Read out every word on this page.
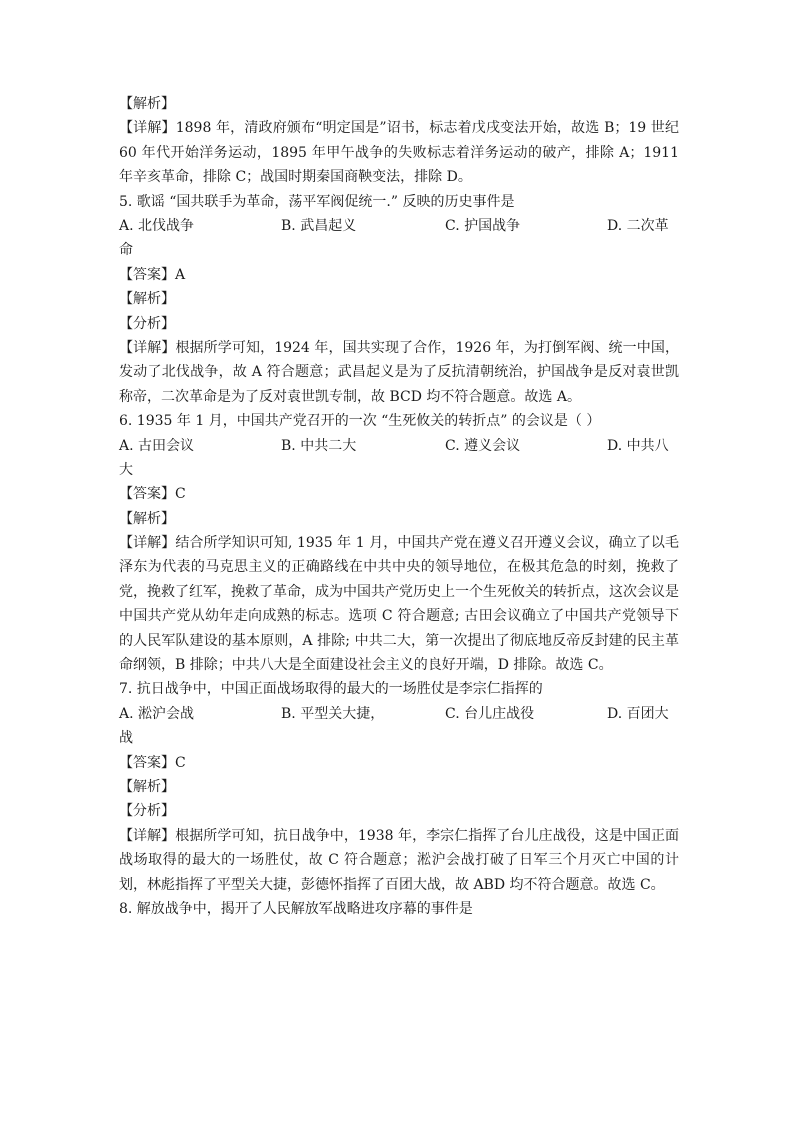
【解析】
【详解】1898 年，清政府颁布“明定国是”诏书，标志着戊戌变法开始，故选 B；19 世纪 60 年代开始洋务运动，1895 年甲午战争的失败标志着洋务运动的破产，排除 A；1911 年辛亥革命，排除 C；战国时期秦国商鞅变法，排除 D。
5. 歌谣 “国共联手为革命，荡平军阀促统一.” 反映的历史事件是
A. 北伐战争	B. 武昌起义	C. 护国战争	D. 二次革
命
【答案】A
【解析】
【分析】
【详解】根据所学可知，1924 年，国共实现了合作，1926 年，为打倒军阀、统一中国，发动了北伐战争，故 A 符合题意；武昌起义是为了反抗清朝统治，护国战争是反对袁世凯称帝，二次革命是为了反对袁世凯专制，故 BCD 均不符合题意。故选 A。
6. 1935 年 1 月，中国共产党召开的一次 “生死攸关的转折点” 的会议是（ ）
A. 古田会议	B. 中共二大	C. 遵义会议	D. 中共八
大
【答案】C
【解析】
【详解】结合所学知识可知, 1935 年 1 月，中国共产党在遵义召开遵义会议，确立了以毛泽东为代表的马克思主义的正确路线在中共中央的领导地位，在极其危急的时刻，挽救了党，挽救了红军，挽救了革命，成为中国共产党历史上一个生死攸关的转折点，这次会议是中国共产党从幼年走向成熟的标志。选项 C 符合题意; 古田会议确立了中国共产党领导下的人民军队建设的基本原则，A 排除; 中共二大，第一次提出了彻底地反帝反封建的民主革命纲领，B 排除；中共八大是全面建设社会主义的良好开端，D 排除。故选 C。
7. 抗日战争中，中国正面战场取得的最大的一场胜仗是李宗仁指挥的
A. 淞沪会战	B. 平型关大捷，	C. 台儿庄战役	D. 百团大
战
【答案】C
【解析】
【分析】
【详解】根据所学可知，抗日战争中，1938 年，李宗仁指挥了台儿庄战役，这是中国正面战场取得的最大的一场胜仗，故 C 符合题意；淞沪会战打破了日军三个月灭亡中国的计划，林彪指挥了平型关大捷，彭德怀指挥了百团大战，故 ABD 均不符合题意。故选 C。
8. 解放战争中，揭开了人民解放军战略进攻序幕的事件是
